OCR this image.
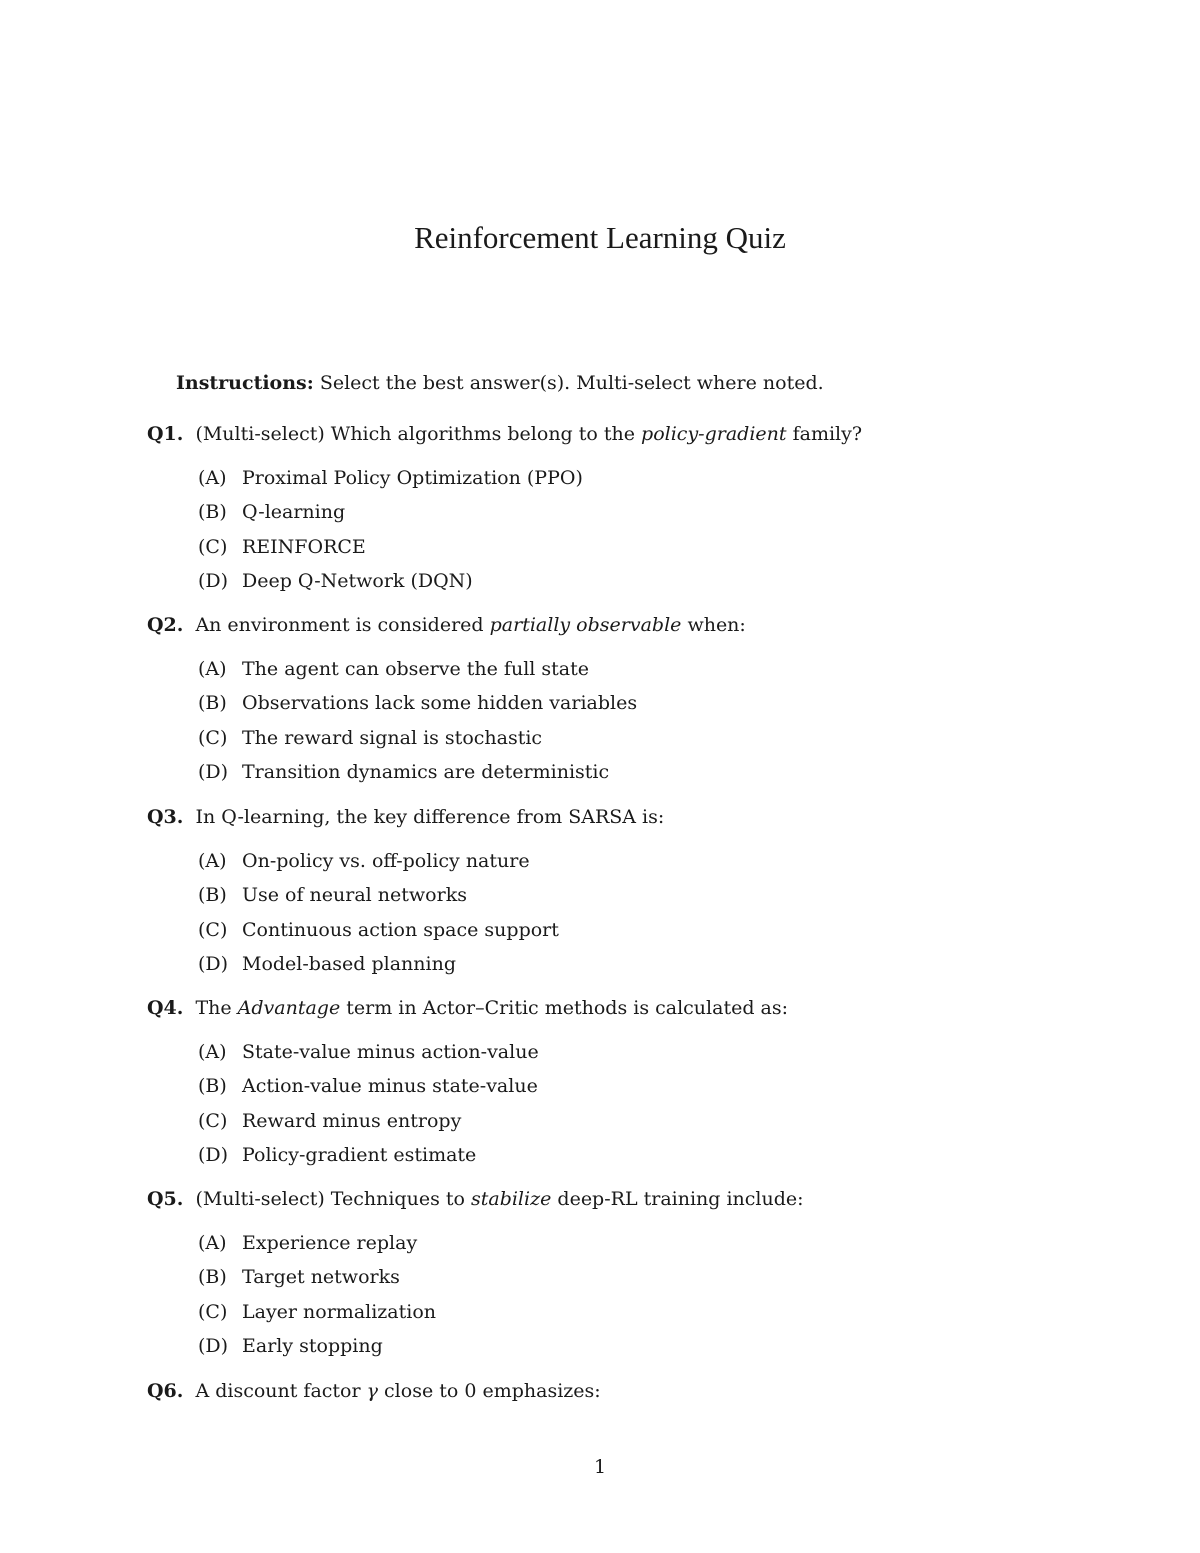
Reinforcement Learning Quiz
Instructions: Select the best answer(s). Multi-select where noted.
Q1. (Multi-select) Which algorithms belong to the policy-gradient family?
(A) Proximal Policy Optimization (PPO)
(B) Q-learning
(C) REINFORCE
(D) Deep Q-Network (DQN)
Q2. An environment is considered partially observable when:
(A) The agent can observe the full state
(B) Observations lack some hidden variables
(C) The reward signal is stochastic
(D) Transition dynamics are deterministic
Q3. In Q-learning, the key difference from SARSA is:
(A) On-policy vs. off-policy nature
(B) Use of neural networks
(C) Continuous action space support
(D) Model-based planning
Q4. The Advantage term in Actor–Critic methods is calculated as:
(A) State-value minus action-value
(B) Action-value minus state-value
(C) Reward minus entropy
(D) Policy-gradient estimate
Q5. (Multi-select) Techniques to stabilize deep-RL training include:
(A) Experience replay
(B) Target networks
(C) Layer normalization
(D) Early stopping
Q6. A discount factor γ close to 0 emphasizes:
1
